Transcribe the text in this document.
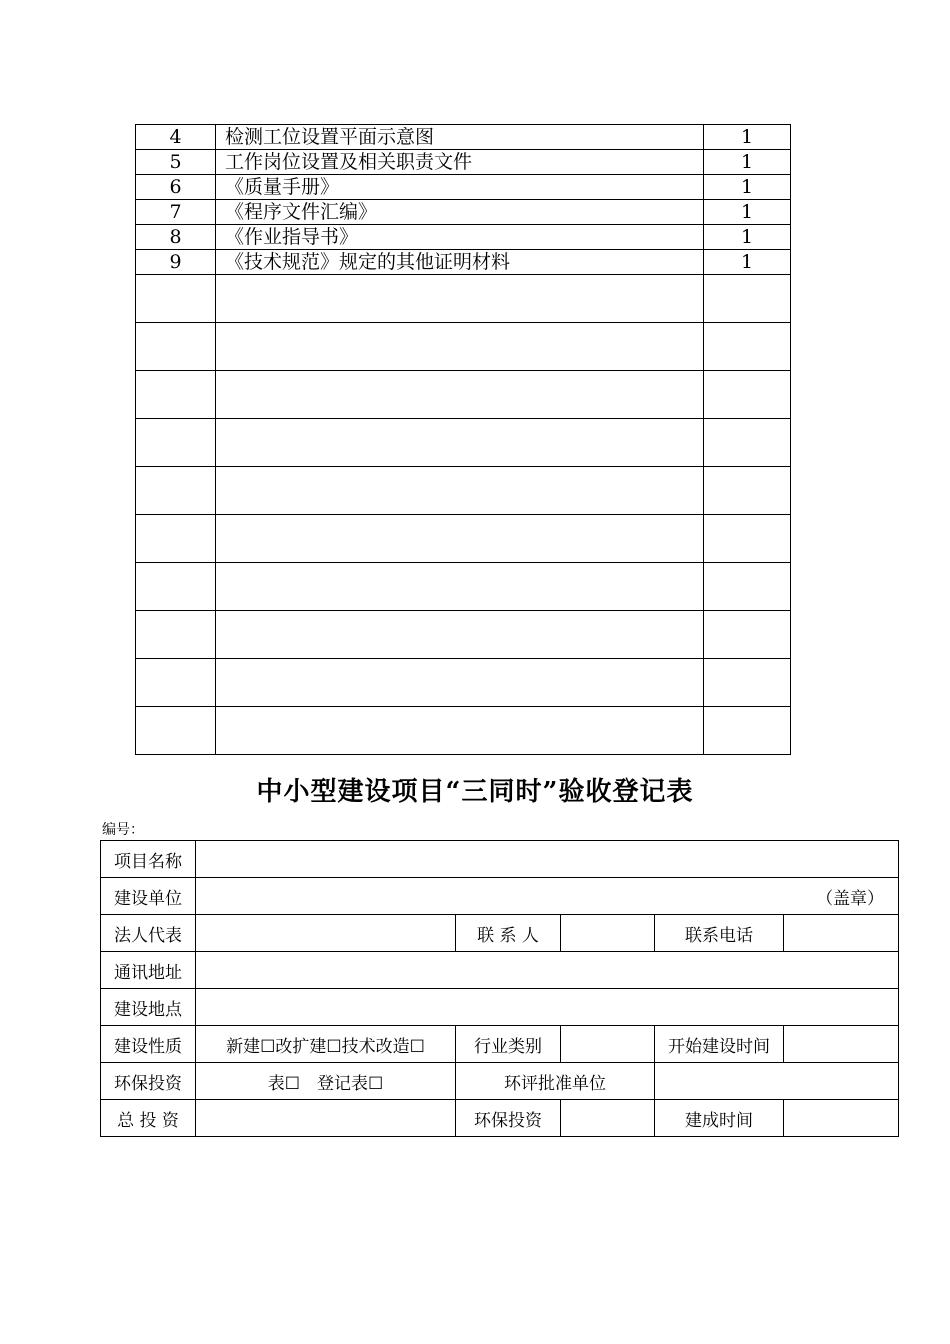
4	检测工位设置平面示意图	1
5	工作岗位设置及相关职责文件	1
6	《质量手册》	1
7	《程序文件汇编》	1
8	《作业指导书》	1
9	《技术规范》规定的其他证明材料	1

中小型建设项目“三同时”验收登记表
编号：
项目名称					
建设单位	（盖章）				
法人代表		联 系 人		联系电话	
通讯地址					
建设地点					
建设性质	新建☐改扩建☐技术改造☐	行业类别		开始建设时间	
环保投资	表☐　登记表☐	环评批准单位			
总 投 资		环保投资		建成时间	
